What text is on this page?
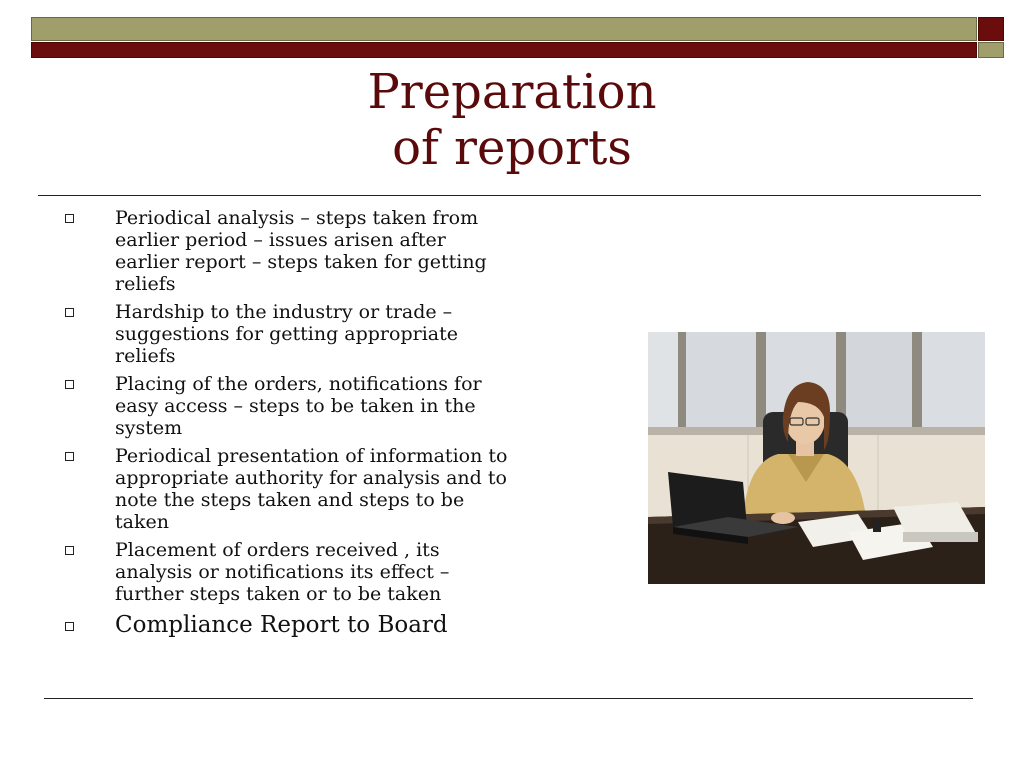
Preparation
of reports
Periodical analysis – steps taken from earlier period – issues arisen after earlier report – steps taken for getting reliefs
Hardship to the industry or trade – suggestions for getting appropriate reliefs
Placing of the orders, notifications for easy access – steps to be taken in the system
Periodical presentation of information to appropriate authority for analysis and to note the steps taken and steps to be taken
Placement of orders received , its analysis or notifications its effect – further steps taken or to be taken
Compliance Report to Board
